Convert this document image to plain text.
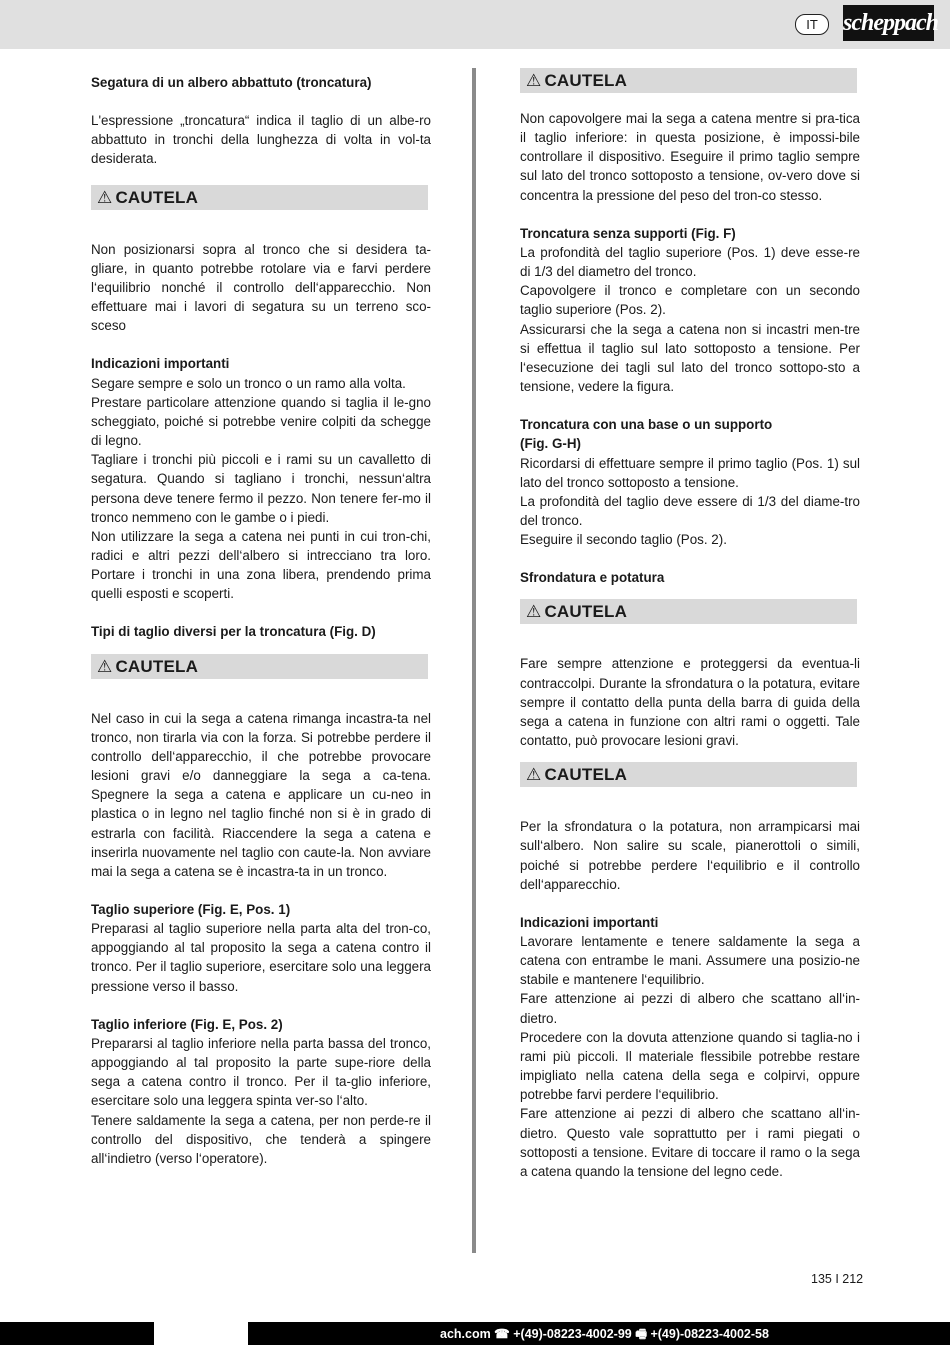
IT	scheppach

Segatura di un albero abbattuto (troncatura)

L'espressione „troncatura“ indica il taglio di un albe-ro abbattuto in tronchi della lunghezza di volta in vol-ta desiderata.

⚠ CAUTELA

Non posizionarsi sopra al tronco che si desidera ta-gliare, in quanto potrebbe rotolare via e farvi perdere l‘equilibrio nonché il controllo dell‘apparecchio. Non effettuare mai i lavori di segatura su un terreno sco-sceso

Indicazioni importanti

Segare sempre e solo un tronco o un ramo alla volta.

Prestare particolare attenzione quando si taglia il le-gno scheggiato, poiché si potrebbe venire colpiti da schegge di legno.

Tagliare i tronchi più piccoli e i rami su un cavalletto di segatura. Quando si tagliano i tronchi, nessun‘altra persona deve tenere fermo il pezzo. Non tenere fer-mo il tronco nemmeno con le gambe o i piedi.

Non utilizzare la sega a catena nei punti in cui tron-chi, radici e altri pezzi dell‘albero si intrecciano tra loro. Portare i tronchi in una zona libera, prendendo prima quelli esposti e scoperti.

Tipi di taglio diversi per la troncatura (Fig. D)

⚠ CAUTELA

Nel caso in cui la sega a catena rimanga incastra-ta nel tronco, non tirarla via con la forza. Si potrebbe perdere il controllo dell‘apparecchio, il che potrebbe provocare lesioni gravi e/o danneggiare la sega a ca-tena. Spegnere la sega a catena e applicare un cu-neo in plastica o in legno nel taglio finché non si è in grado di estrarla con facilità. Riaccendere la sega a catena e inserirla nuovamente nel taglio con caute-la. Non avviare mai la sega a catena se è incastra-ta in un tronco.

Taglio superiore (Fig. E, Pos. 1)

Preparasi al taglio superiore nella parta alta del tron-co, appoggiando al tal proposito la sega a catena contro il tronco. Per il taglio superiore, esercitare solo una leggera pressione verso il basso.

Taglio inferiore (Fig. E, Pos. 2)

Prepararsi al taglio inferiore nella parta bassa del tronco, appoggiando al tal proposito la parte supe-riore della sega a catena contro il tronco. Per il ta-glio inferiore, esercitare solo una leggera spinta ver-so l‘alto.

Tenere saldamente la sega a catena, per non perde-re il controllo del dispositivo, che tenderà a spingere all‘indietro (verso l‘operatore).

⚠ CAUTELA

Non capovolgere mai la sega a catena mentre si pra-tica il taglio inferiore: in questa posizione, è impossi-bile controllare il dispositivo. Eseguire il primo taglio sempre sul lato del tronco sottoposto a tensione, ov-vero dove si concentra la pressione del peso del tron-co stesso.

Troncatura senza supporti (Fig. F)

La profondità del taglio superiore (Pos. 1) deve esse-re di 1/3 del diametro del tronco.

Capovolgere il tronco e completare con un secondo taglio superiore (Pos. 2).

Assicurarsi che la sega a catena non si incastri men-tre si effettua il taglio sul lato sottoposto a tensione. Per l‘esecuzione dei tagli sul lato del tronco sottopo-sto a tensione, vedere la figura.

Troncatura con una base o un supporto

(Fig. G-H)

Ricordarsi di effettuare sempre il primo taglio (Pos. 1) sul lato del tronco sottoposto a tensione.

La profondità del taglio deve essere di 1/3 del diame-tro del tronco.

Eseguire il secondo taglio (Pos. 2).

Sfrondatura e potatura

⚠ CAUTELA

Fare sempre attenzione e proteggersi da eventua-li contraccolpi. Durante la sfrondatura o la potatura, evitare sempre il contatto della punta della barra di guida della sega a catena in funzione con altri rami o oggetti. Tale contatto, può provocare lesioni gravi.

⚠ CAUTELA

Per la sfrondatura o la potatura, non arrampicarsi mai sull‘albero. Non salire su scale, pianerottoli o simili, poiché si potrebbe perdere l‘equilibrio e il controllo dell‘apparecchio.

Indicazioni importanti

Lavorare lentamente e tenere saldamente la sega a catena con entrambe le mani. Assumere una posizio-ne stabile e mantenere l‘equilibrio.

Fare attenzione ai pezzi di albero che scattano all‘in-dietro.

Procedere con la dovuta attenzione quando si taglia-no i rami più piccoli. Il materiale flessibile potrebbe restare impigliato nella catena della sega e colpirvi, oppure potrebbe farvi perdere l‘equilibrio.

Fare attenzione ai pezzi di albero che scattano all‘in-dietro. Questo vale soprattutto per i rami piegati o sottoposti a tensione. Evitare di toccare il ramo o la sega a catena quando la tensione del legno cede.

135 I 212
ach.com ☎ +(49)-08223-4002-99 🖷 +(49)-08223-4002-58
